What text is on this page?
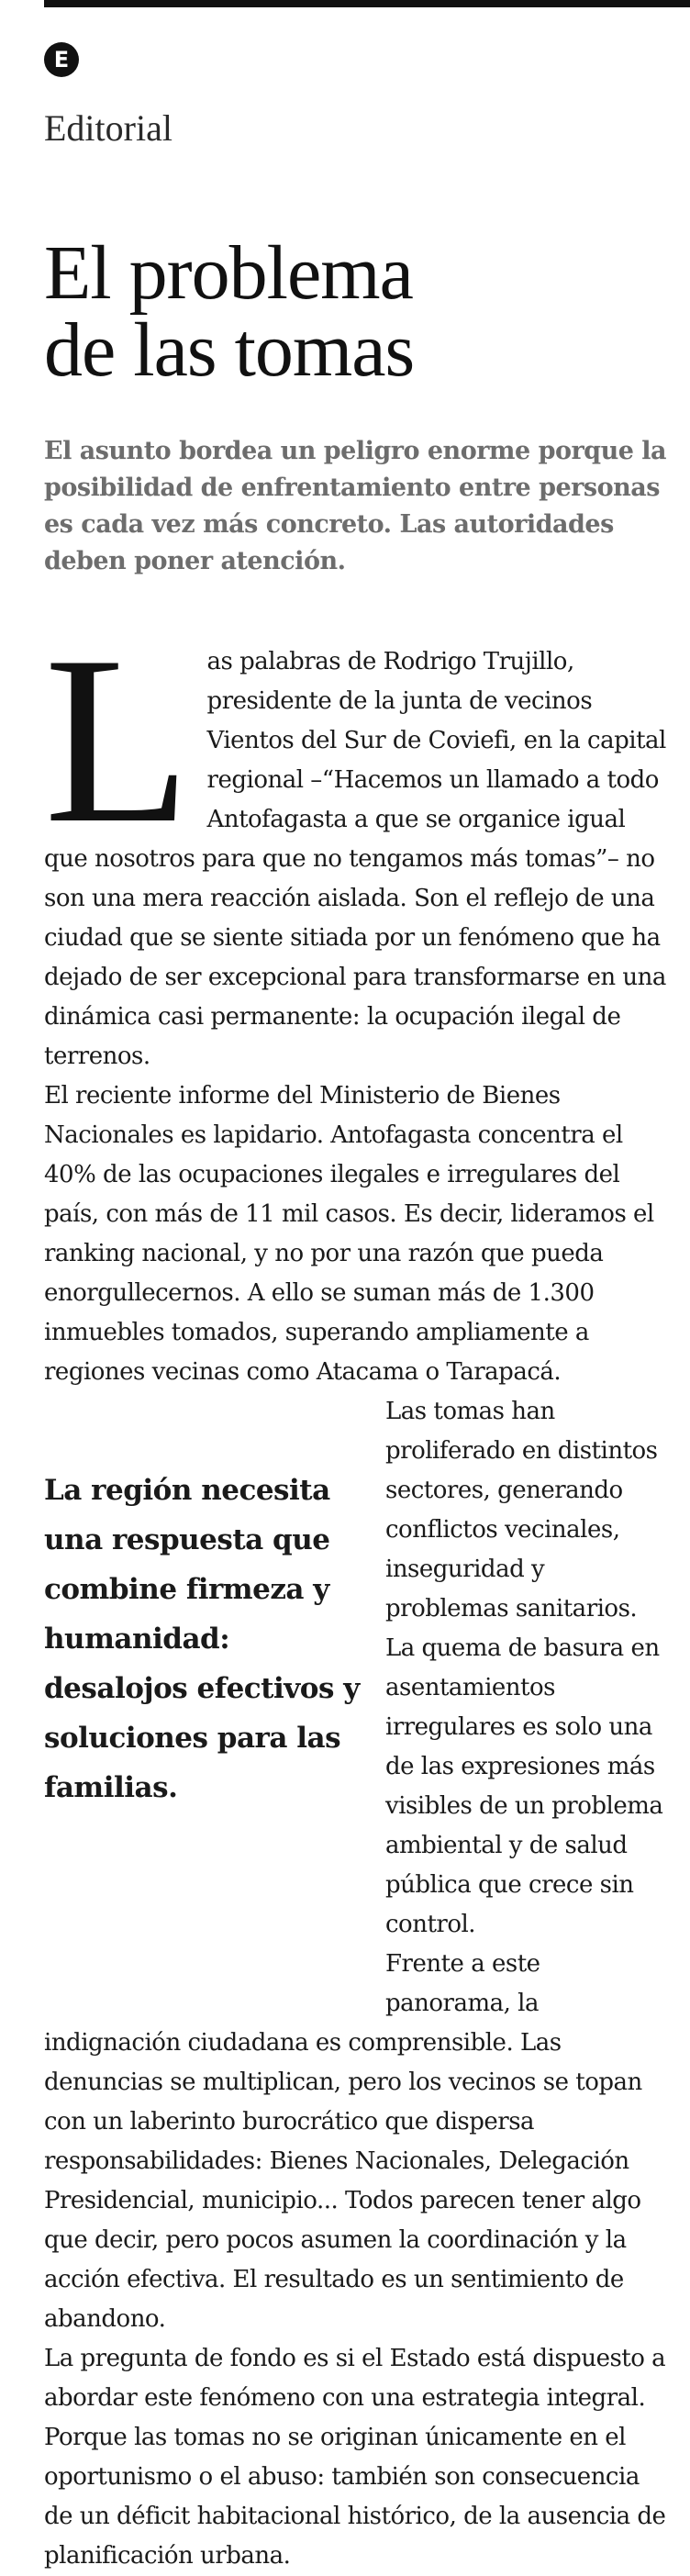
E
Editorial
El problema
de las tomas

El asunto bordea un peligro enorme porque la posibilidad de enfrentamiento entre personas es cada vez más concreto. Las autoridades deben poner atención.

L as palabras de Rodrigo Trujillo, presidente de la junta de vecinos Vientos del Sur de Coviefi, en la capital regional –“Hacemos un llamado a todo Antofagasta a que se organice igual que nosotros para que no tengamos más tomas”– no son una mera reacción aislada. Son el reflejo de una ciudad que se siente sitiada por un fenómeno que ha dejado de ser excepcional para transformarse en una dinámica casi permanente: la ocupación ilegal de terrenos.

El reciente informe del Ministerio de Bienes Nacionales es lapidario. Antofagasta concentra el 40% de las ocupaciones ilegales e irregulares del país, con más de 11 mil casos. Es decir, lideramos el ranking nacional, y no por una razón que pueda enorgullecernos. A ello se suman más de 1.300 inmuebles tomados, superando ampliamente a regiones vecinas como Atacama o Tarapacá.

La región necesita una respuesta que combine firmeza y humanidad: desalojos efectivos y soluciones para las familias.

Las tomas han proliferado en distintos sectores, generando conflictos vecinales, inseguridad y problemas sanitarios. La quema de basura en asentamientos irregulares es solo una de las expresiones más visibles de un problema ambiental y de salud pública que crece sin control.

Frente a este panorama, la indignación ciudadana es comprensible. Las denuncias se multiplican, pero los vecinos se topan con un laberinto burocrático que dispersa responsabilidades: Bienes Nacionales, Delegación Presidencial, municipio... Todos parecen tener algo que decir, pero pocos asumen la coordinación y la acción efectiva. El resultado es un sentimiento de abandono.

La pregunta de fondo es si el Estado está dispuesto a abordar este fenómeno con una estrategia integral. Porque las tomas no se originan únicamente en el oportunismo o el abuso: también son consecuencia de un déficit habitacional histórico, de la ausencia de planificación urbana.
